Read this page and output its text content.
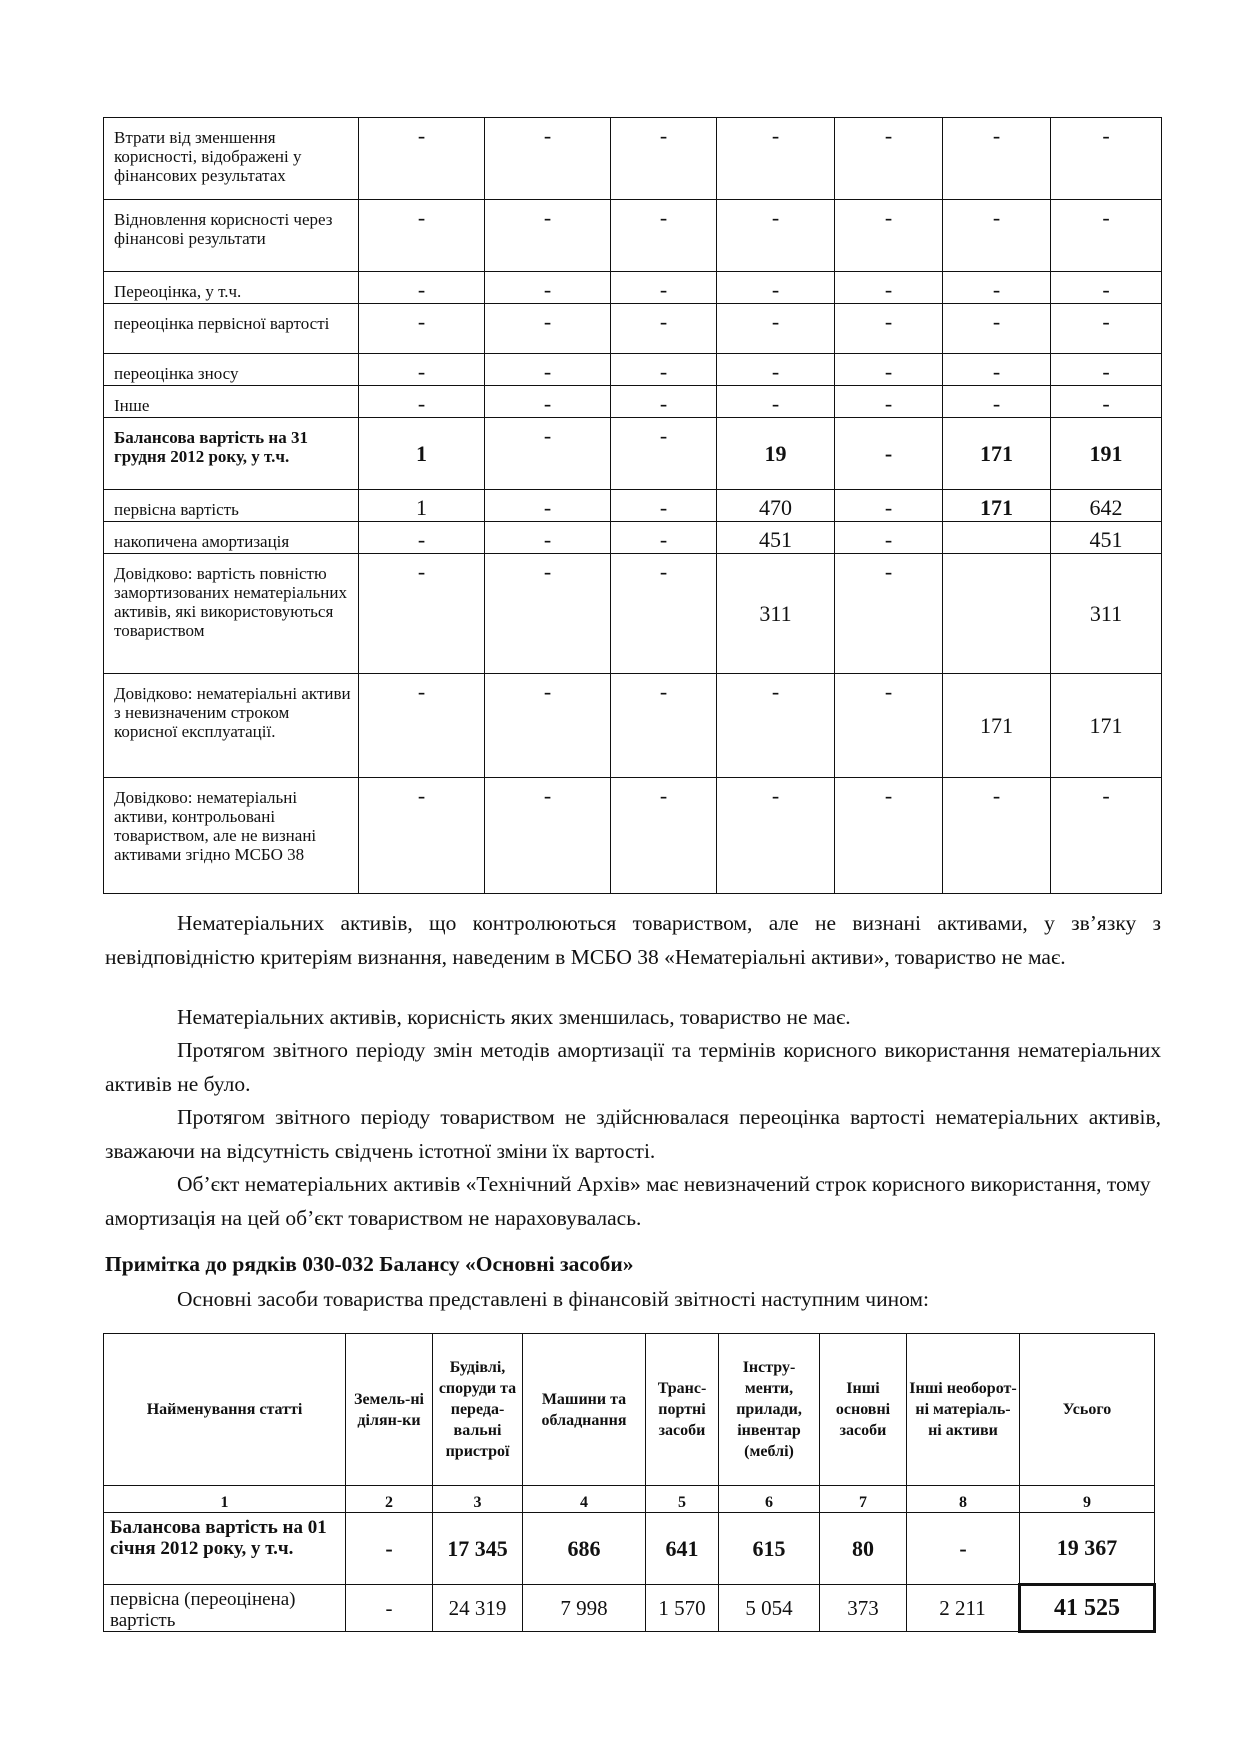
Втрати від зменшення корисності, відображені у фінансових результатах	-	-	-	-	-	-	-

Відновлення корисності через фінансові результати	-	-	-	-	-	-	-

Переоцінка, у т.ч.	-	-	-	-	-	-	-

переоцінка первісної вартості	-	-	-	-	-	-	-

переоцінка зносу	-	-	-	-	-	-	-

Інше	-	-	-	-	-	-	-

Балансова вартість на 31 грудня 2012 року, у т.ч.	1	-	-	19	-	171	191
первісна вартість	1	-	-	470	-	171	642

накопичена амортизація	-	-	-	451	-		451

Довідково: вартість повністю замортизованих нематеріальних активів, які використовуються товариством	-	-	-	311	-		311
Довідково: нематеріальні активи з невизначеним строком корисної експлуатації.	-	-	-	-	-	171	171
Довідково: нематеріальні активи, контрольовані товариством, але не визнані активами згідно МСБО 38	-	-	-	-	-	-	-
Нематеріальних активів, що контролюються товариством, але не визнані активами, у зв’язку з невідповідністю критеріям визнання, наведеним в МСБО 38 «Нематеріальні активи», товариство не має.
Нематеріальних активів, корисність яких зменшилась, товариство не має.
Протягом звітного періоду змін методів амортизації та термінів корисного використання нематеріальних активів не було.
Протягом звітного періоду товариством не здійснювалася переоцінка вартості нематеріальних активів, зважаючи на відсутність свідчень істотної зміни їх вартості.
Об’єкт нематеріальних активів «Технічний Архів» має невизначений строк корисного використання, тому амортизація на цей об’єкт товариством не нараховувалась.
Примітка до рядків 030-032 Балансу «Основні засоби»
Основні засоби товариства представлені в фінансовій звітності наступним чином:
Найменування статті	Земель-ні ділян-ки	Будівлі, споруди та переда-вальні пристрої	Машини та обладнання	Транс-портні засоби	Інстру-менти, прилади, інвентар (меблі)	Інші основні засоби	Інші необорот-ні матеріаль-ні активи	Усього
1	2	3	4	5	6	7	8	9
Балансова вартість на 01 січня 2012 року, у т.ч.	-	17 345	686	641	615	80	-	19 367
первісна (переоцінена) вартість	-	24 319	7 998	1 570	5 054	373	2 211	41 525
